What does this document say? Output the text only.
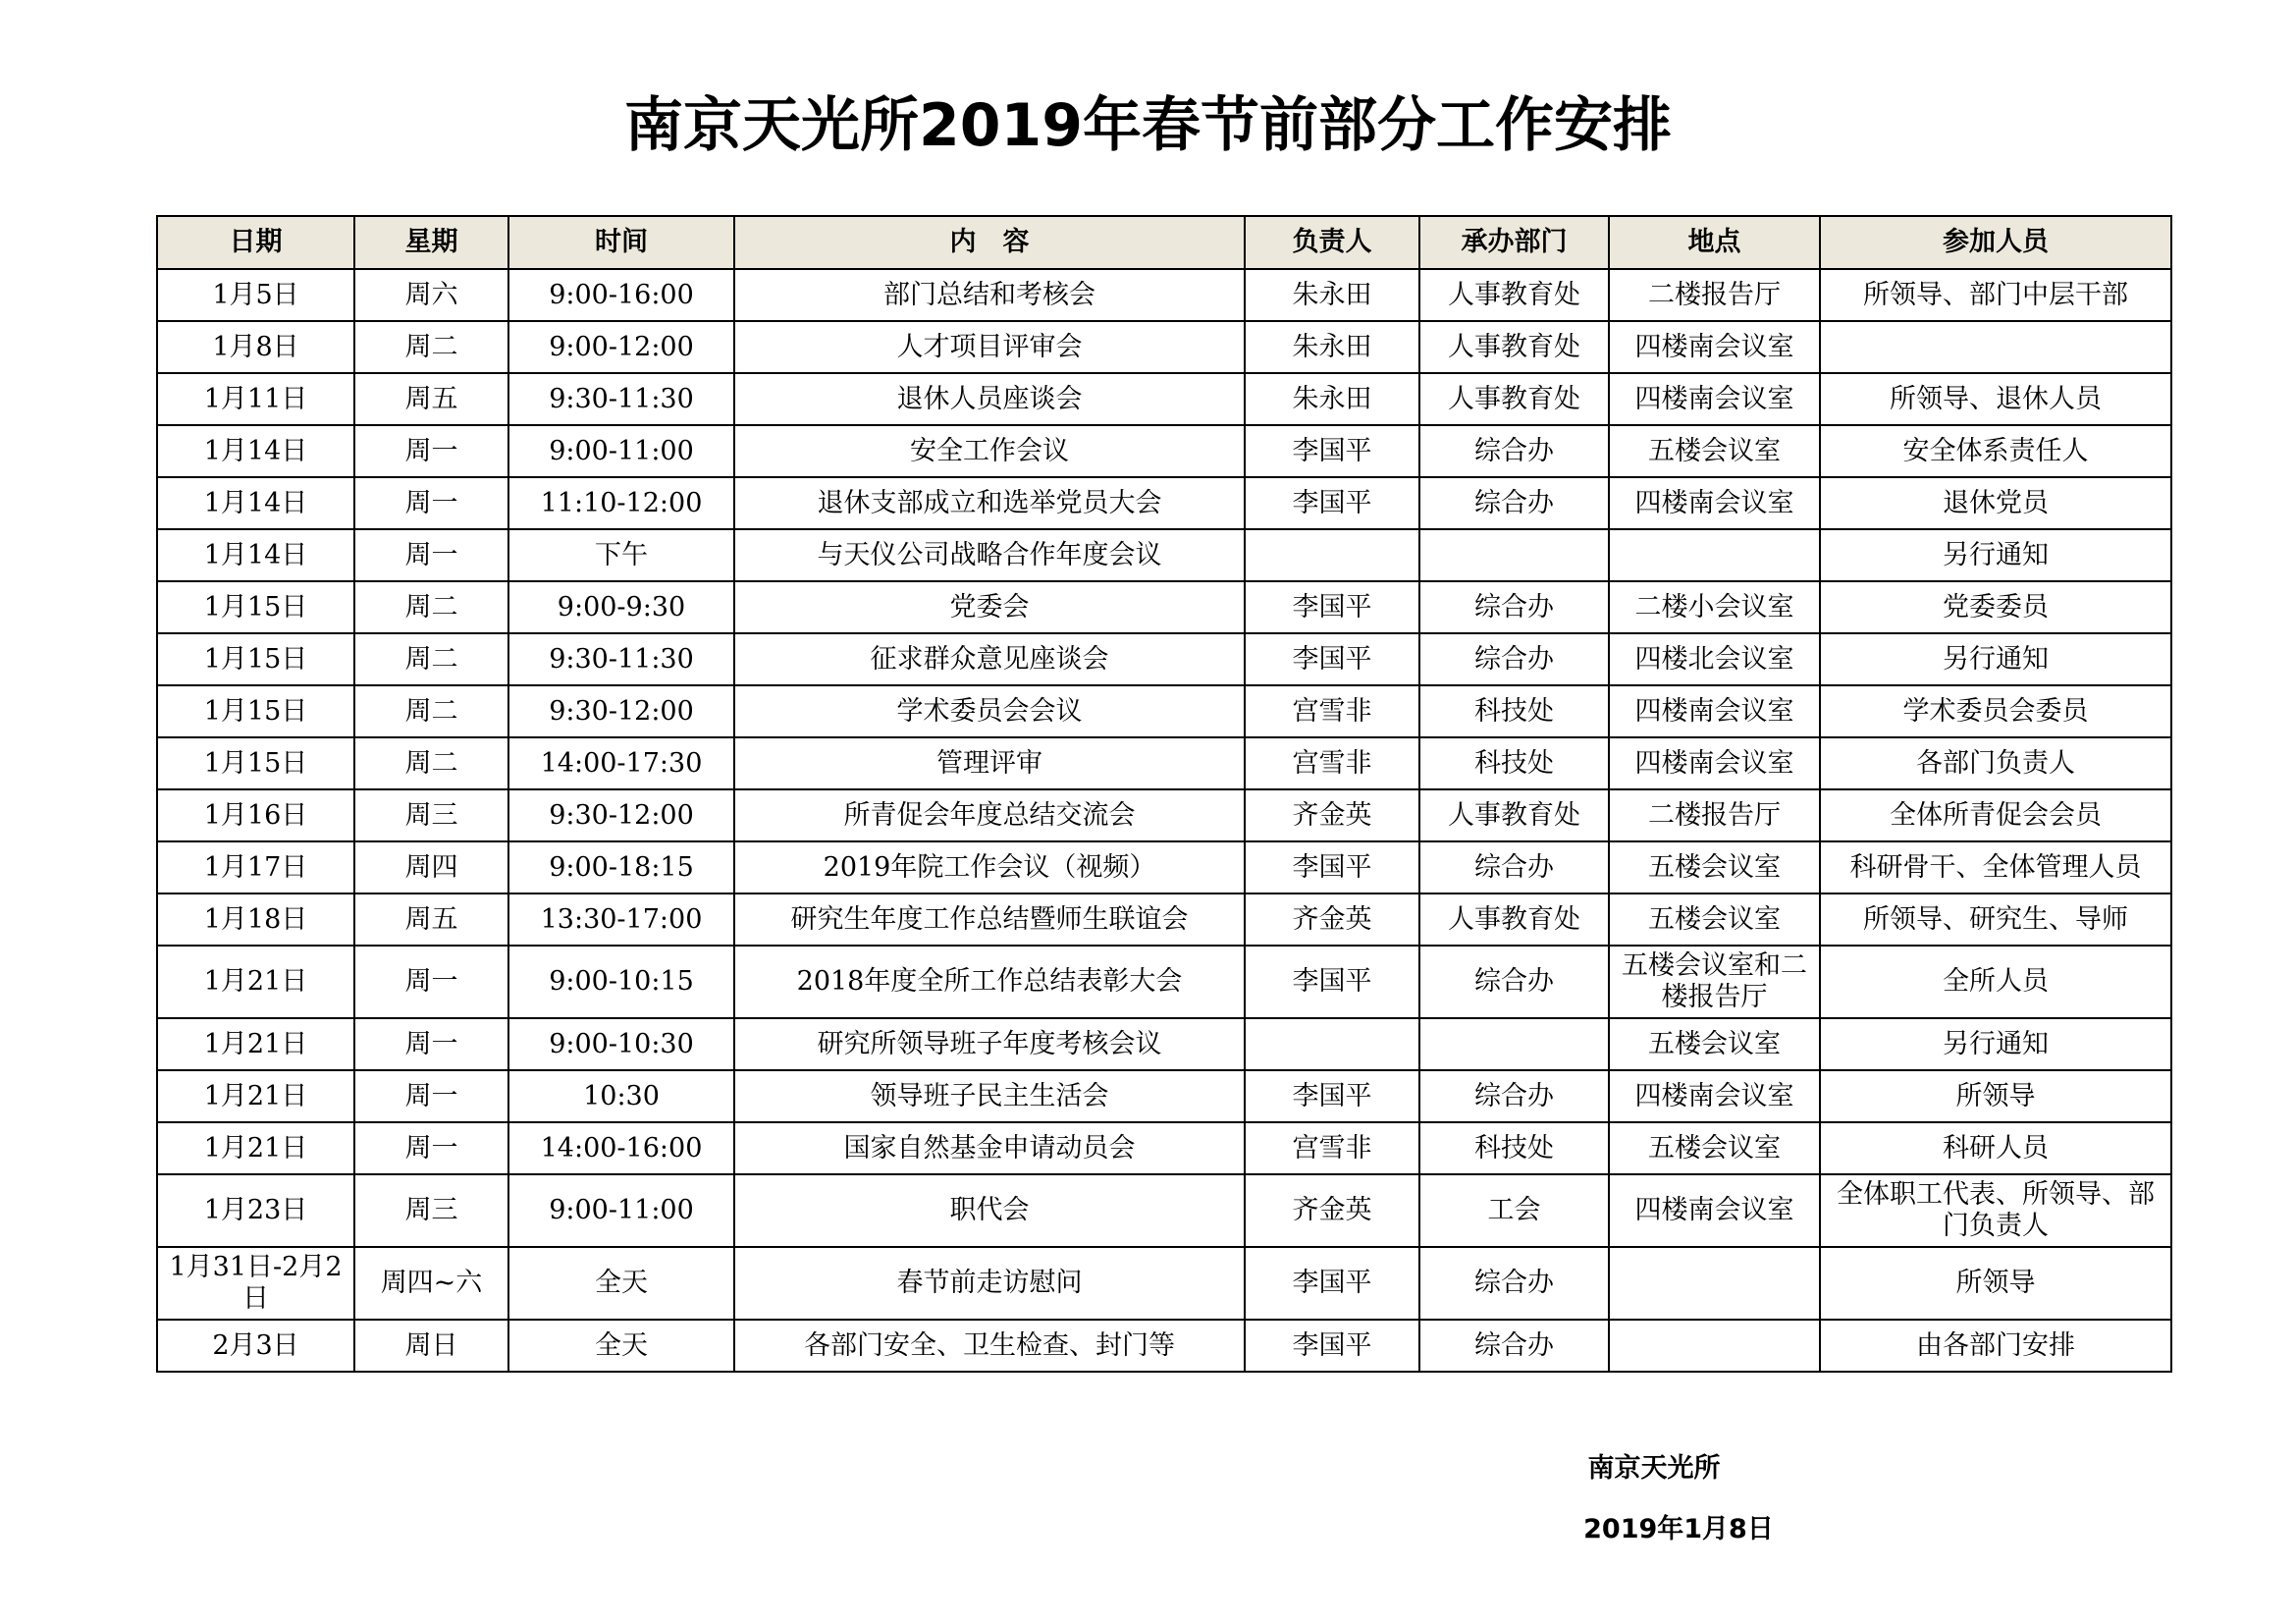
南京天光所2019年春节前部分工作安排
日期	星期	时间	内　容	负责人	承办部门	地点	参加人员
1月5日	周六	9:00-16:00	部门总结和考核会	朱永田	人事教育处	二楼报告厅	所领导、部门中层干部
1月8日	周二	9:00-12:00	人才项目评审会	朱永田	人事教育处	四楼南会议室	
1月11日	周五	9:30-11:30	退休人员座谈会	朱永田	人事教育处	四楼南会议室	所领导、退休人员
1月14日	周一	9:00-11:00	安全工作会议	李国平	综合办	五楼会议室	安全体系责任人
1月14日	周一	11:10-12:00	退休支部成立和选举党员大会	李国平	综合办	四楼南会议室	退休党员
1月14日	周一	下午	与天仪公司战略合作年度会议				另行通知
1月15日	周二	9:00-9:30	党委会	李国平	综合办	二楼小会议室	党委委员
1月15日	周二	9:30-11:30	征求群众意见座谈会	李国平	综合办	四楼北会议室	另行通知
1月15日	周二	9:30-12:00	学术委员会会议	宫雪非	科技处	四楼南会议室	学术委员会委员
1月15日	周二	14:00-17:30	管理评审	宫雪非	科技处	四楼南会议室	各部门负责人
1月16日	周三	9:30-12:00	所青促会年度总结交流会	齐金英	人事教育处	二楼报告厅	全体所青促会会员
1月17日	周四	9:00-18:15	2019年院工作会议（视频）	李国平	综合办	五楼会议室	科研骨干、全体管理人员
1月18日	周五	13:30-17:00	研究生年度工作总结暨师生联谊会	齐金英	人事教育处	五楼会议室	所领导、研究生、导师
1月21日	周一	9:00-10:15	2018年度全所工作总结表彰大会	李国平	综合办	五楼会议室和二楼报告厅	全所人员
1月21日	周一	9:00-10:30	研究所领导班子年度考核会议			五楼会议室	另行通知
1月21日	周一	10:30	领导班子民主生活会	李国平	综合办	四楼南会议室	所领导
1月21日	周一	14:00-16:00	国家自然基金申请动员会	宫雪非	科技处	五楼会议室	科研人员
1月23日	周三	9:00-11:00	职代会	齐金英	工会	四楼南会议室	全体职工代表、所领导、部门负责人
1月31日-2月2日	周四~六	全天	春节前走访慰问	李国平	综合办		所领导
2月3日	周日	全天	各部门安全、卫生检查、封门等	李国平	综合办		由各部门安排
南京天光所
2019年1月8日
